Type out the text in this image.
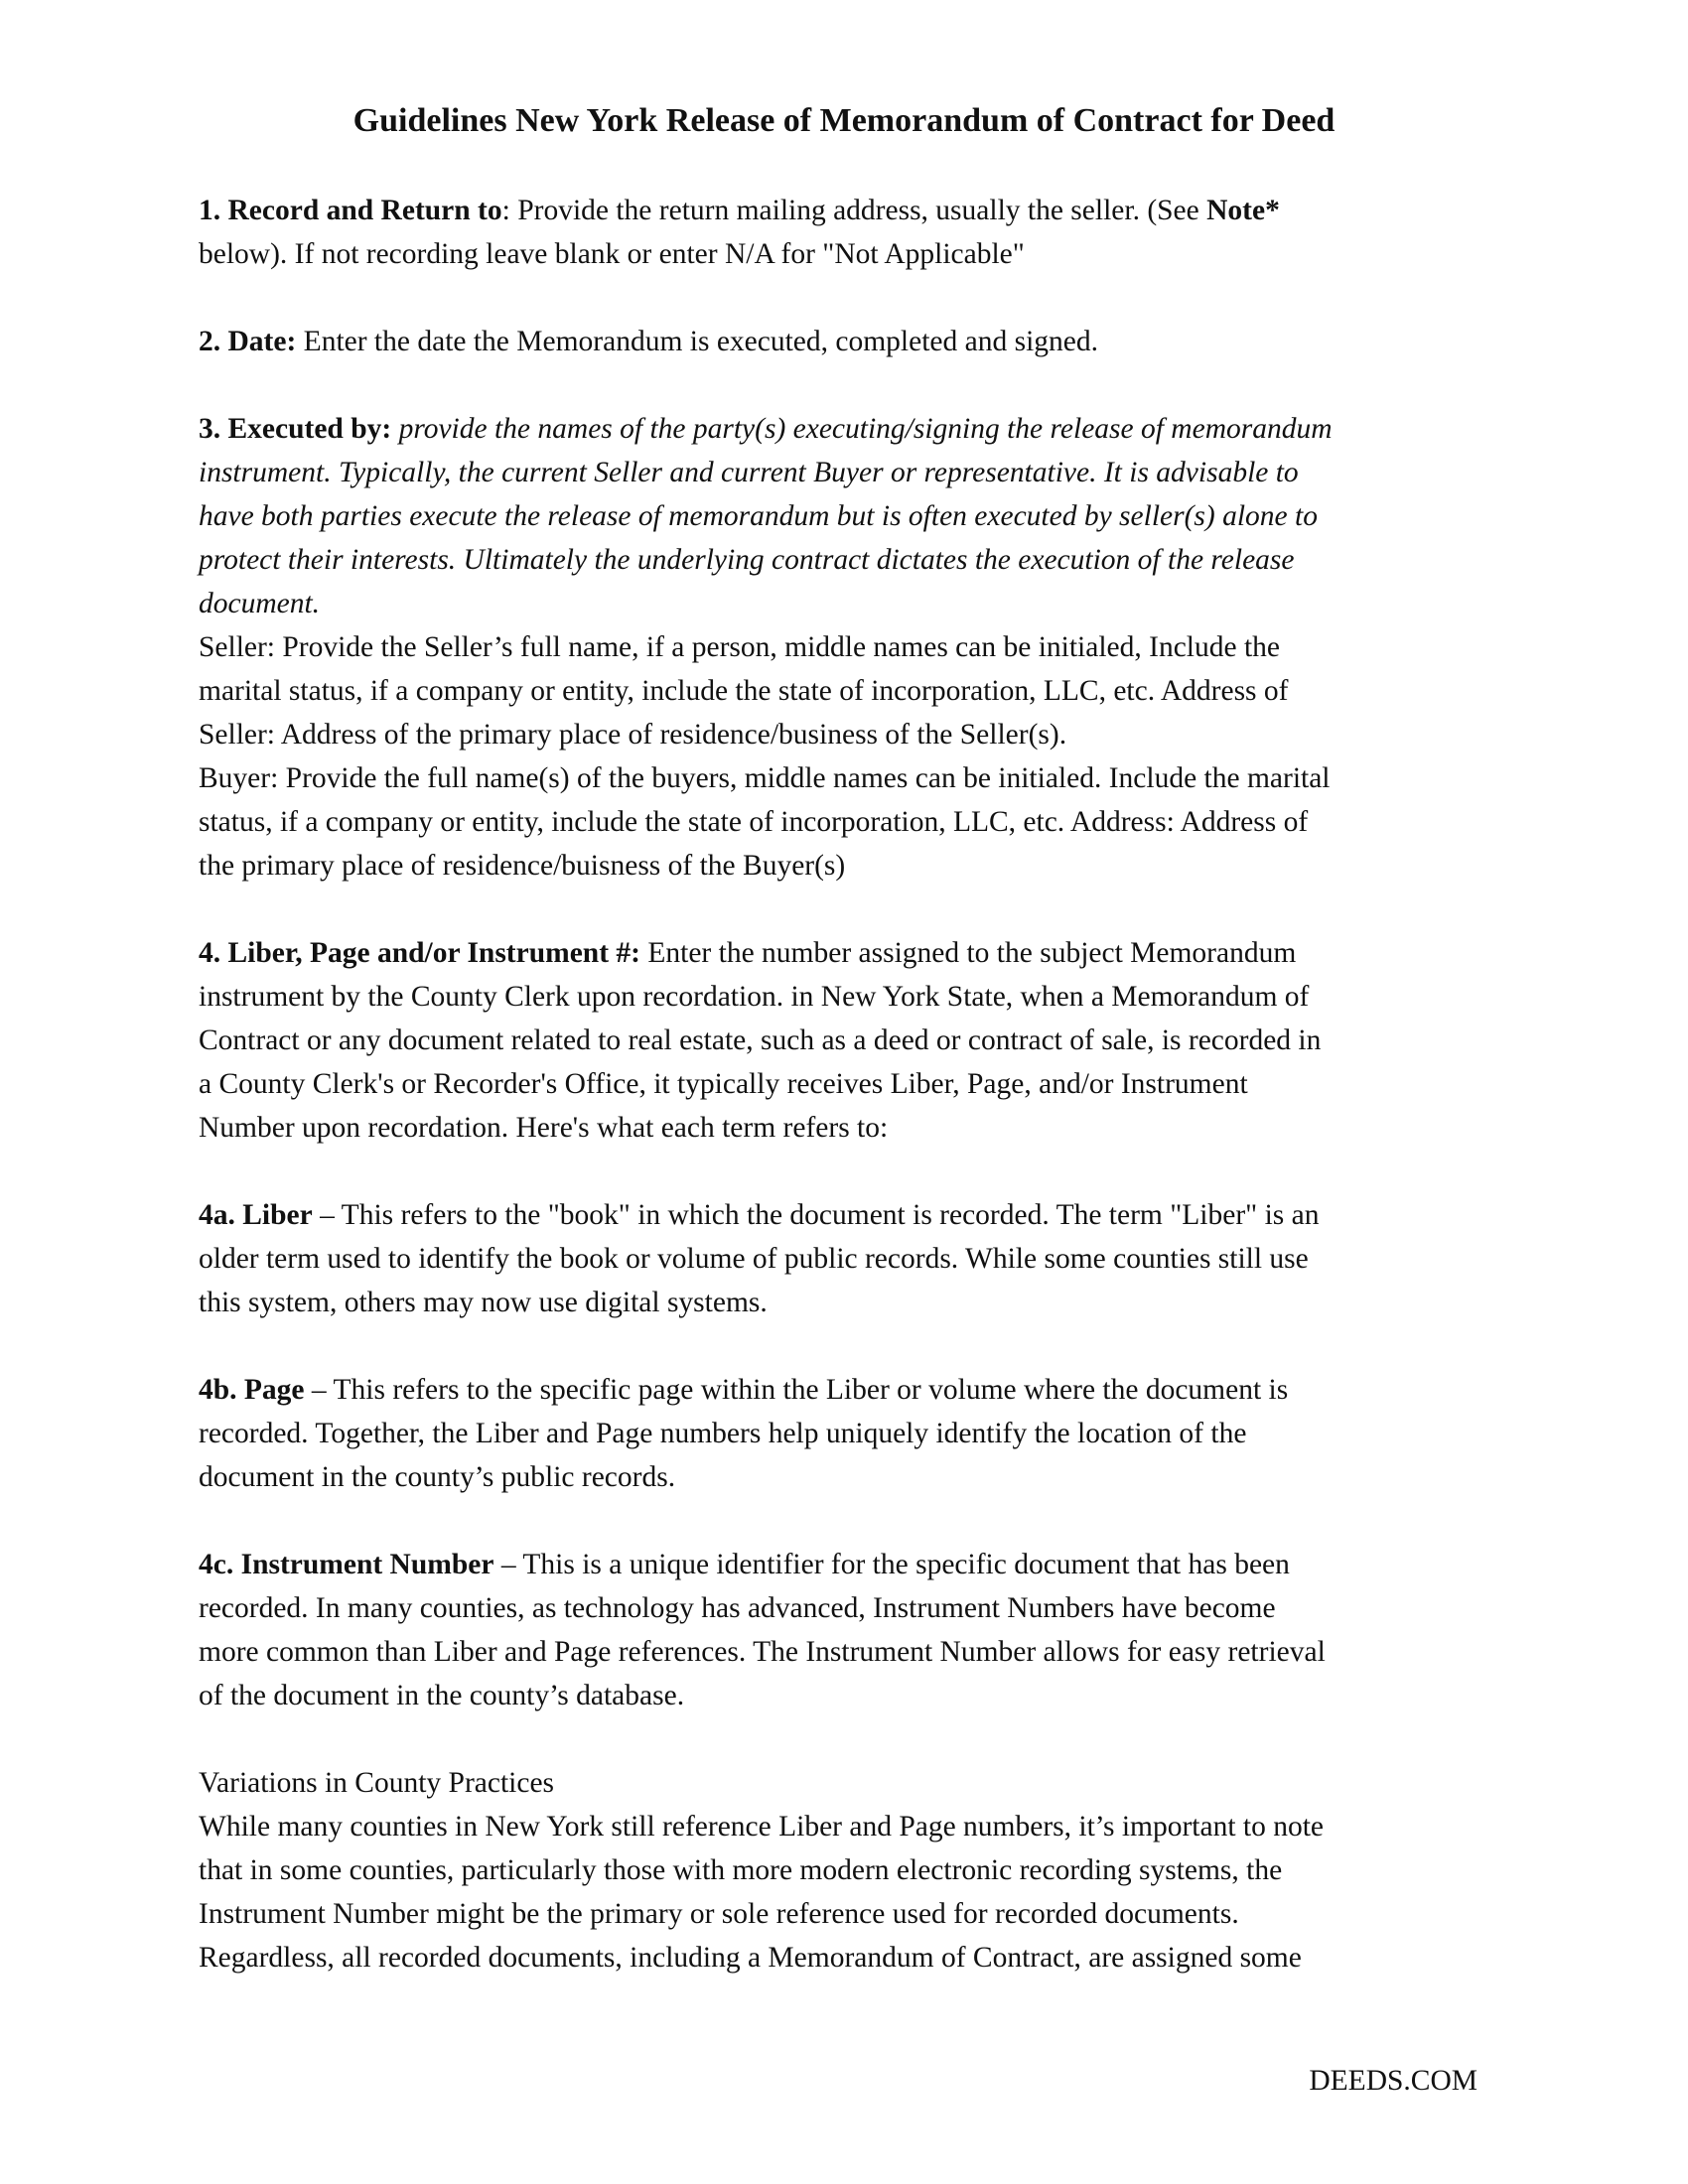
Guidelines New York Release of Memorandum of Contract for Deed
1. Record and Return to: Provide the return mailing address, usually the seller. (See Note*
below). If not recording leave blank or enter N/A for "Not Applicable"
2. Date: Enter the date the Memorandum is executed, completed and signed.
3. Executed by: provide the names of the party(s) executing/signing the release of memorandum
instrument. Typically, the current Seller and current Buyer or representative. It is advisable to
have both parties execute the release of memorandum but is often executed by seller(s) alone to
protect their interests. Ultimately the underlying contract dictates the execution of the release
document.
Seller: Provide the Seller’s full name, if a person, middle names can be initialed, Include the
marital status, if a company or entity, include the state of incorporation, LLC, etc. Address of
Seller: Address of the primary place of residence/business of the Seller(s).
Buyer: Provide the full name(s) of the buyers, middle names can be initialed. Include the marital
status, if a company or entity, include the state of incorporation, LLC, etc. Address: Address of
the primary place of residence/buisness of the Buyer(s)
4. Liber, Page and/or Instrument #: Enter the number assigned to the subject Memorandum
instrument by the County Clerk upon recordation. in New York State, when a Memorandum of
Contract or any document related to real estate, such as a deed or contract of sale, is recorded in
a County Clerk's or Recorder's Office, it typically receives Liber, Page, and/or Instrument
Number upon recordation. Here's what each term refers to:
4a. Liber – This refers to the "book" in which the document is recorded. The term "Liber" is an
older term used to identify the book or volume of public records. While some counties still use
this system, others may now use digital systems.
4b. Page – This refers to the specific page within the Liber or volume where the document is
recorded. Together, the Liber and Page numbers help uniquely identify the location of the
document in the county’s public records.
4c. Instrument Number – This is a unique identifier for the specific document that has been
recorded. In many counties, as technology has advanced, Instrument Numbers have become
more common than Liber and Page references. The Instrument Number allows for easy retrieval
of the document in the county’s database.
Variations in County Practices
While many counties in New York still reference Liber and Page numbers, it’s important to note
that in some counties, particularly those with more modern electronic recording systems, the
Instrument Number might be the primary or sole reference used for recorded documents.
Regardless, all recorded documents, including a Memorandum of Contract, are assigned some
DEEDS.COM
